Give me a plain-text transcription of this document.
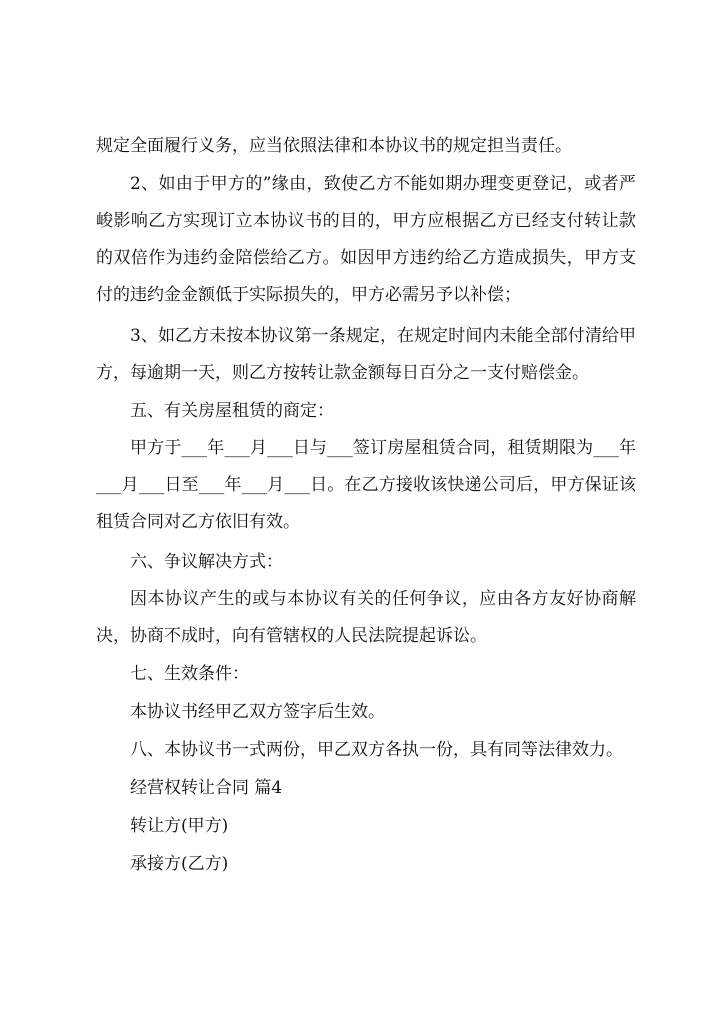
规定全面履行义务，应当依照法律和本协议书的规定担当责任。
2、如由于甲方的”缘由，致使乙方不能如期办理变更登记，或者严峻影响乙方实现订立本协议书的目的，甲方应根据乙方已经支付转让款的双倍作为违约金陪偿给乙方。如因甲方违约给乙方造成损失，甲方支付的违约金金额低于实际损失的，甲方必需另予以补偿；
3、如乙方未按本协议第一条规定，在规定时间内未能全部付清给甲方，每逾期一天，则乙方按转让款金额每日百分之一支付赔偿金。
五、有关房屋租赁的商定：
甲方于___年___月___日与___签订房屋租赁合同，租赁期限为___年___月___日至___年___月___日。在乙方接收该快递公司后，甲方保证该租赁合同对乙方依旧有效。
六、争议解决方式：
因本协议产生的或与本协议有关的任何争议，应由各方友好协商解决，协商不成时，向有管辖权的人民法院提起诉讼。
七、生效条件：
本协议书经甲乙双方签字后生效。
八、本协议书一式两份，甲乙双方各执一份，具有同等法律效力。
经营权转让合同 篇4
转让方(甲方)
承接方(乙方)
